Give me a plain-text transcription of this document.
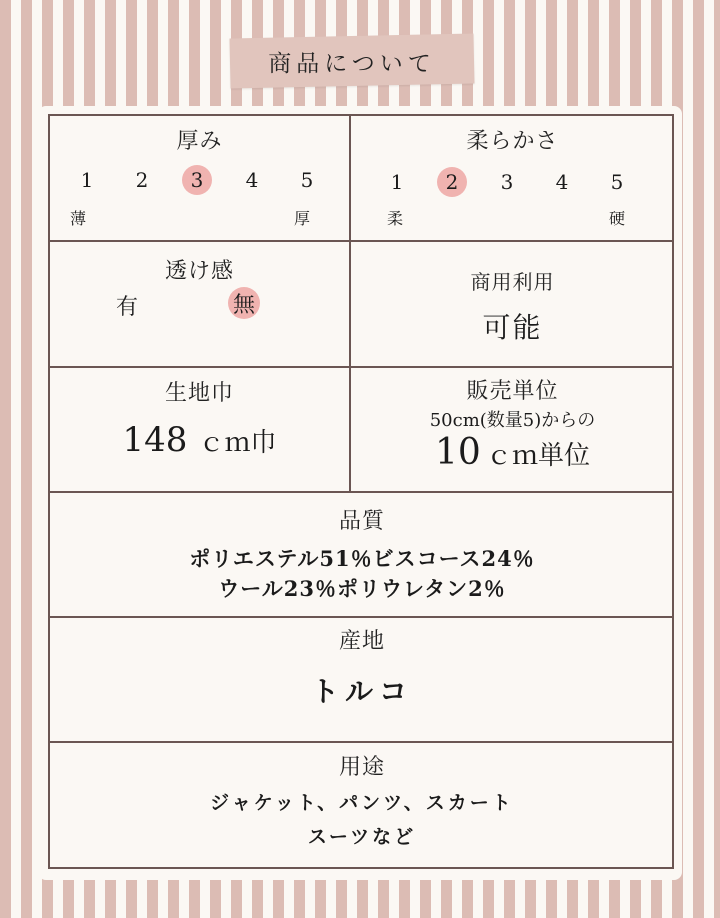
商品について
厚み
1	2	3	4	5
薄	厚
柔らかさ
1	2	3	4	5
柔	硬
透け感
有	無
商用利用
可能
生地巾
148 ｃｍ巾
販売単位
50cm(数量5)からの
10 ｃｍ単位
品質
ポリエステル51％ビスコース24％
ウール23％ポリウレタン2％
産地
トルコ
用途
ジャケット、パンツ、スカート
スーツなど
